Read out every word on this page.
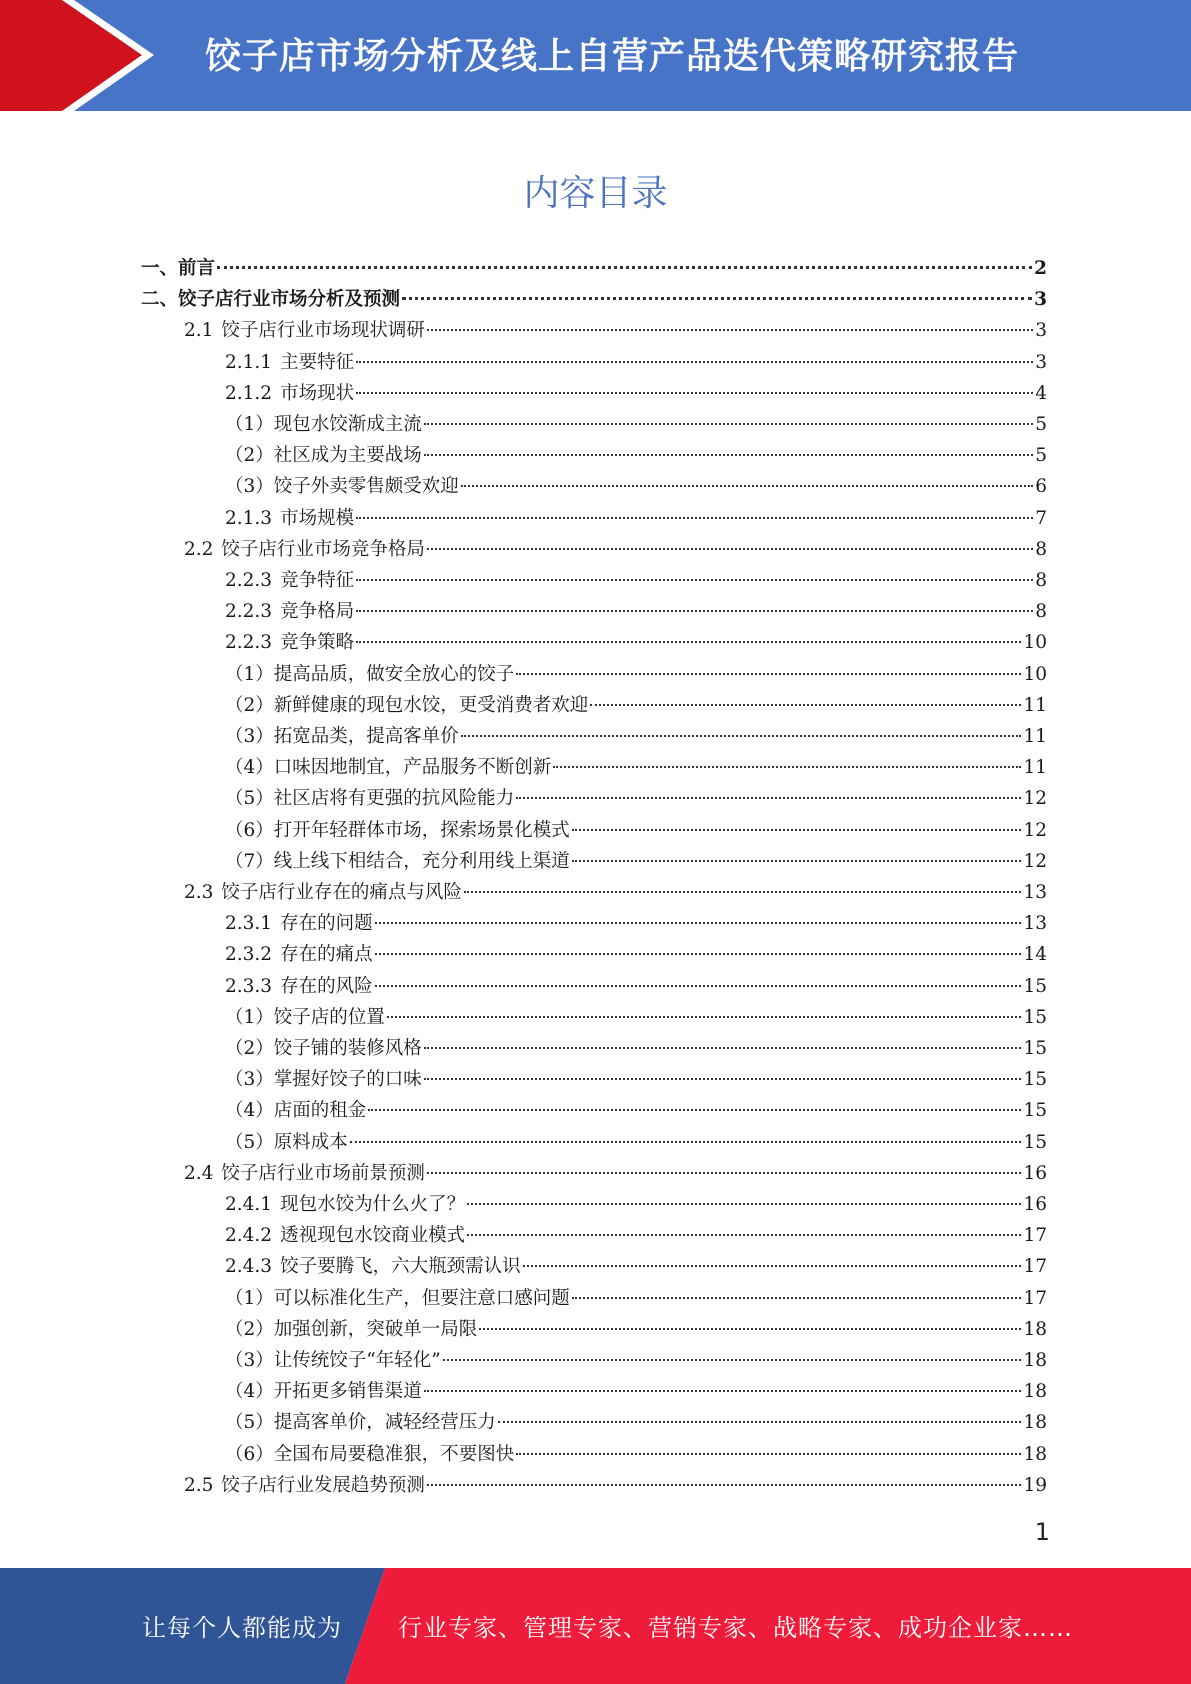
饺子店市场分析及线上自营产品迭代策略研究报告
内容目录
一、前言	2
二、饺子店行业市场分析及预测	3
2.1 饺子店行业市场现状调研	3
2.1.1 主要特征	3
2.1.2 市场现状	4
（1）现包水饺渐成主流	5
（2）社区成为主要战场	5
（3）饺子外卖零售颇受欢迎	6
2.1.3 市场规模	7
2.2 饺子店行业市场竞争格局	8
2.2.3 竞争特征	8
2.2.3 竞争格局	8
2.2.3 竞争策略	10
（1）提高品质，做安全放心的饺子	10
（2）新鲜健康的现包水饺，更受消费者欢迎	11
（3）拓宽品类，提高客单价	11
（4）口味因地制宜，产品服务不断创新	11
（5）社区店将有更强的抗风险能力	12
（6）打开年轻群体市场，探索场景化模式	12
（7）线上线下相结合，充分利用线上渠道	12
2.3 饺子店行业存在的痛点与风险	13
2.3.1 存在的问题	13
2.3.2 存在的痛点	14
2.3.3 存在的风险	15
（1）饺子店的位置	15
（2）饺子铺的装修风格	15
（3）掌握好饺子的口味	15
（4）店面的租金	15
（5）原料成本	15
2.4 饺子店行业市场前景预测	16
2.4.1 现包水饺为什么火了？	16
2.4.2 透视现包水饺商业模式	17
2.4.3 饺子要腾飞，六大瓶颈需认识	17
（1）可以标准化生产，但要注意口感问题	17
（2）加强创新，突破单一局限	18
（3）让传统饺子“年轻化”	18
（4）开拓更多销售渠道	18
（5）提高客单价，减轻经营压力	18
（6）全国布局要稳准狠，不要图快	18
2.5 饺子店行业发展趋势预测	19
1
让每个人都能成为 行业专家、管理专家、营销专家、战略专家、成功企业家……
